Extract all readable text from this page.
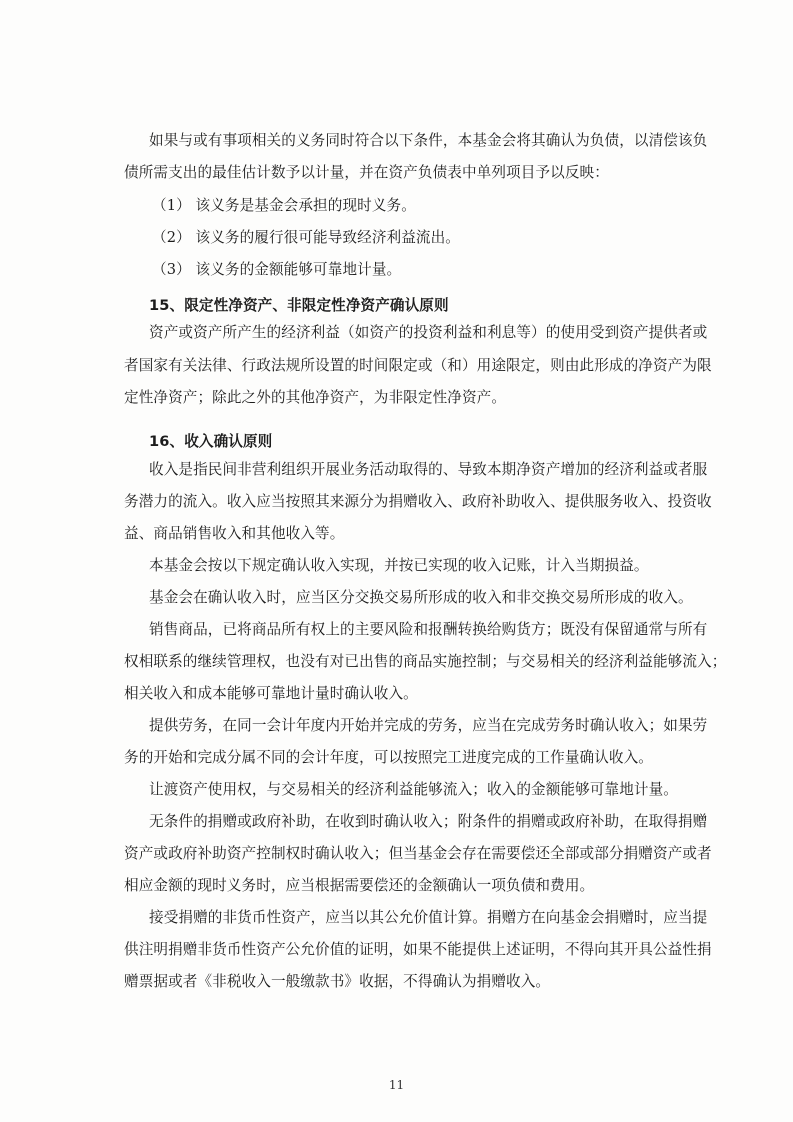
如果与或有事项相关的义务同时符合以下条件，本基金会将其确认为负债，以清偿该负
债所需支出的最佳估计数予以计量，并在资产负债表中单列项目予以反映：
（1） 该义务是基金会承担的现时义务。
（2） 该义务的履行很可能导致经济利益流出。
（3） 该义务的金额能够可靠地计量。
15、限定性净资产、非限定性净资产确认原则
资产或资产所产生的经济利益（如资产的投资利益和利息等）的使用受到资产提供者或
者国家有关法律、行政法规所设置的时间限定或（和）用途限定，则由此形成的净资产为限
定性净资产；除此之外的其他净资产，为非限定性净资产。
16、收入确认原则
收入是指民间非营利组织开展业务活动取得的、导致本期净资产增加的经济利益或者服
务潜力的流入。收入应当按照其来源分为捐赠收入、政府补助收入、提供服务收入、投资收
益、商品销售收入和其他收入等。
本基金会按以下规定确认收入实现，并按已实现的收入记账，计入当期损益。
基金会在确认收入时，应当区分交换交易所形成的收入和非交换交易所形成的收入。
销售商品，已将商品所有权上的主要风险和报酬转换给购货方；既没有保留通常与所有
权相联系的继续管理权，也没有对已出售的商品实施控制；与交易相关的经济利益能够流入；
相关收入和成本能够可靠地计量时确认收入。
提供劳务，在同一会计年度内开始并完成的劳务，应当在完成劳务时确认收入；如果劳
务的开始和完成分属不同的会计年度，可以按照完工进度完成的工作量确认收入。
让渡资产使用权，与交易相关的经济利益能够流入；收入的金额能够可靠地计量。
无条件的捐赠或政府补助，在收到时确认收入；附条件的捐赠或政府补助，在取得捐赠
资产或政府补助资产控制权时确认收入；但当基金会存在需要偿还全部或部分捐赠资产或者
相应金额的现时义务时，应当根据需要偿还的金额确认一项负债和费用。
接受捐赠的非货币性资产，应当以其公允价值计算。捐赠方在向基金会捐赠时，应当提
供注明捐赠非货币性资产公允价值的证明，如果不能提供上述证明，不得向其开具公益性捐
赠票据或者《非税收入一般缴款书》收据，不得确认为捐赠收入。
11
